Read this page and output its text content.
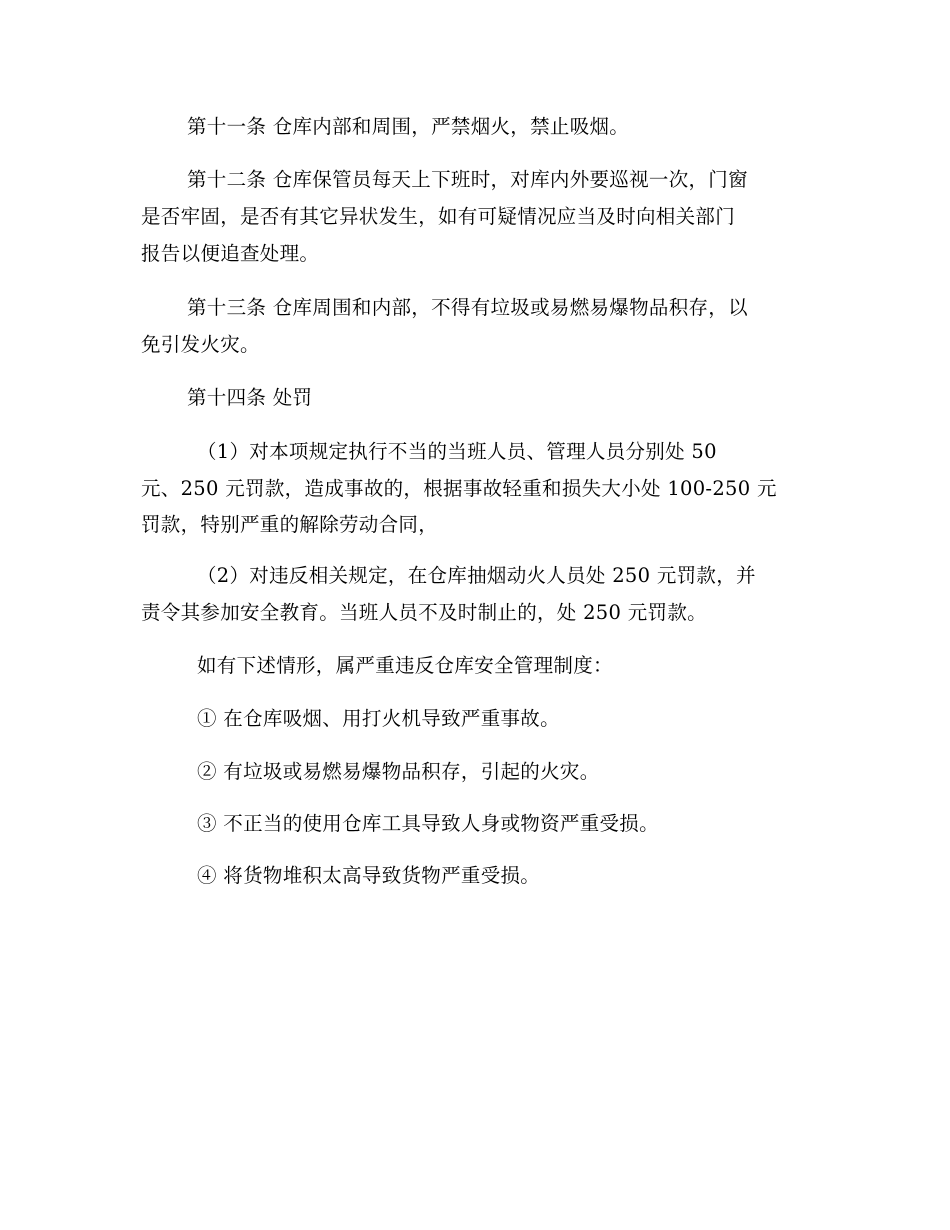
第十一条 仓库内部和周围，严禁烟火，禁止吸烟。

第十二条 仓库保管员每天上下班时，对库内外要巡视一次，门窗

是否牢固，是否有其它异状发生，如有可疑情况应当及时向相关部门

报告以便追查处理。

第十三条 仓库周围和内部，不得有垃圾或易燃易爆物品积存，以

免引发火灾。

第十四条 处罚

（1）对本项规定执行不当的当班人员、管理人员分别处 50

元、250 元罚款，造成事故的，根据事故轻重和损失大小处 100-250 元

罚款，特别严重的解除劳动合同，

（2）对违反相关规定，在仓库抽烟动火人员处 250 元罚款，并

责令其参加安全教育。当班人员不及时制止的，处 250 元罚款。

如有下述情形，属严重违反仓库安全管理制度：

① 在仓库吸烟、用打火机导致严重事故。

② 有垃圾或易燃易爆物品积存，引起的火灾。

③ 不正当的使用仓库工具导致人身或物资严重受损。

④ 将货物堆积太高导致货物严重受损。
